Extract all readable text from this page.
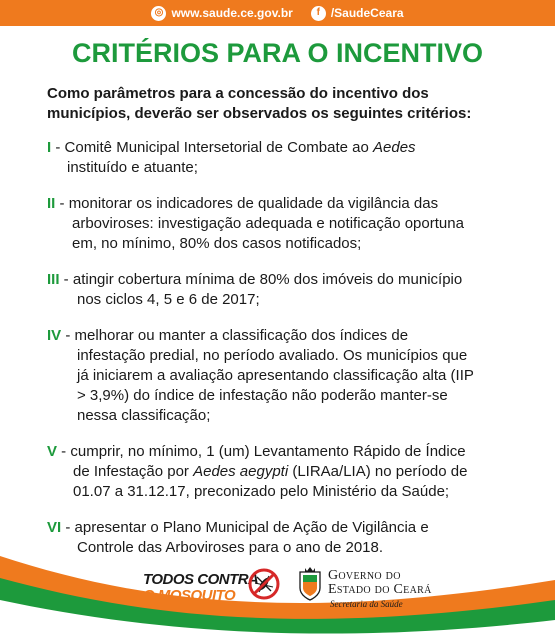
◎ www.saude.ce.gov.br	f /SaudeCeara
CRITÉRIOS PARA O INCENTIVO
Como parâmetros para a concessão do incentivo dos
municípios, deverão ser observados os seguintes critérios:
I - Comitê Municipal Intersetorial de Combate ao Aedes
instituído e atuante;
II - monitorar os indicadores de qualidade da vigilância das
arboviroses: investigação adequada e notificação oportuna
em, no mínimo, 80% dos casos notificados;
III - atingir cobertura mínima de 80% dos imóveis do município
nos ciclos 4, 5 e 6 de 2017;
IV - melhorar ou manter a classificação dos índices de
infestação predial, no período avaliado. Os municípios que
já iniciarem a avaliação apresentando classificação alta (IIP
> 3,9%) do índice de infestação não poderão manter-se
nessa classificação;
V - cumprir, no mínimo, 1 (um) Levantamento Rápido de Índice
de Infestação por Aedes aegypti (LIRAa/LIA) no período de
01.07 a 31.12.17, preconizado pelo Ministério da Saúde;
VI - apresentar o Plano Municipal de Ação de Vigilância e
Controle das Arboviroses para o ano de 2018.
TODOS CONTRA
O MOSQUITO
Governo do
Estado do Ceará
Secretaria da Saúde
